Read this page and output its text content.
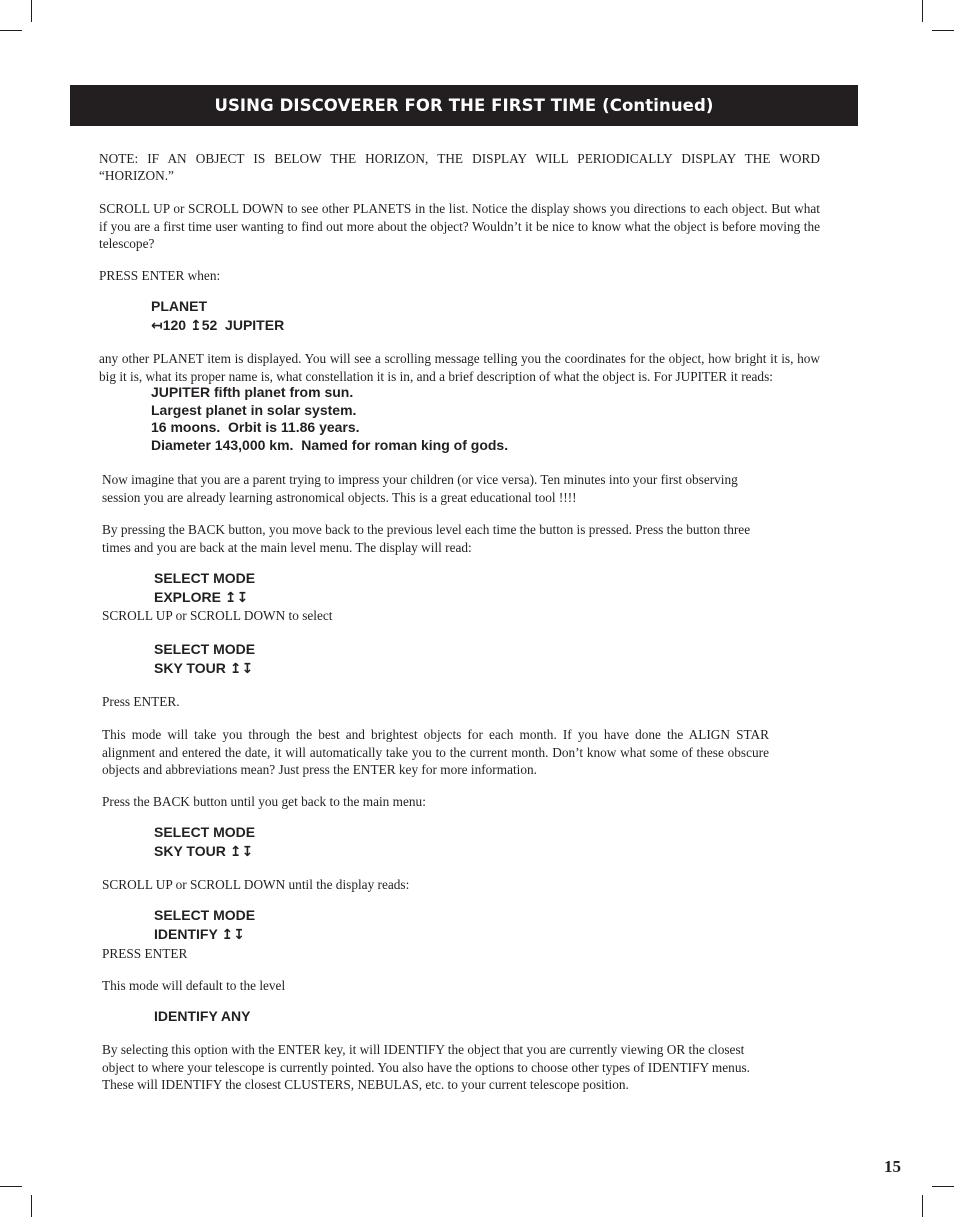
USING DISCOVERER FOR THE FIRST TIME (Continued)

NOTE: IF AN OBJECT IS BELOW THE HORIZON, THE DISPLAY WILL PERIODICALLY DISPLAY THE WORD

“HORIZON.”

SCROLL UP or SCROLL DOWN to see other PLANETS in the list. Notice the display shows you directions to each object. But what if you are a first time user wanting to find out more about the object? Wouldn’t it be nice to know what the object is before moving the telescope?

PRESS ENTER when:

PLANET
↤120 ↥52  JUPITER

any other PLANET item is displayed. You will see a scrolling message telling you the coordinates for the object, how bright it is, how big it is, what its proper name is, what constellation it is in, and a brief description of what the object is. For JUPITER it reads:

JUPITER fifth planet from sun.
Largest planet in solar system.
16 moons.  Orbit is 11.86 years.
Diameter 143,000 km.  Named for roman king of gods.

Now imagine that you are a parent trying to impress your children (or vice versa). Ten minutes into your first observing session you are already learning astronomical objects. This is a great educational tool !!!!

By pressing the BACK button, you move back to the previous level each time the button is pressed. Press the button three times and you are back at the main level menu. The display will read:

SELECT MODE
EXPLORE ↥↧

SCROLL UP or SCROLL DOWN to select

SELECT MODE
SKY TOUR ↥↧

Press ENTER.

This mode will take you through the best and brightest objects for each month. If you have done the ALIGN STAR alignment and entered the date, it will automatically take you to the current month. Don’t know what some of these obscure objects and abbreviations mean? Just press the ENTER key for more information.

Press the BACK button until you get back to the main menu:

SELECT MODE
SKY TOUR ↥↧

SCROLL UP or SCROLL DOWN until the display reads:

SELECT MODE
IDENTIFY ↥↧

PRESS ENTER

This mode will default to the level

IDENTIFY ANY

By selecting this option with the ENTER key, it will IDENTIFY the object that you are currently viewing OR the closest object to where your telescope is currently pointed. You also have the options to choose other types of IDENTIFY menus. These will IDENTIFY the closest CLUSTERS, NEBULAS, etc. to your current telescope position.

15
